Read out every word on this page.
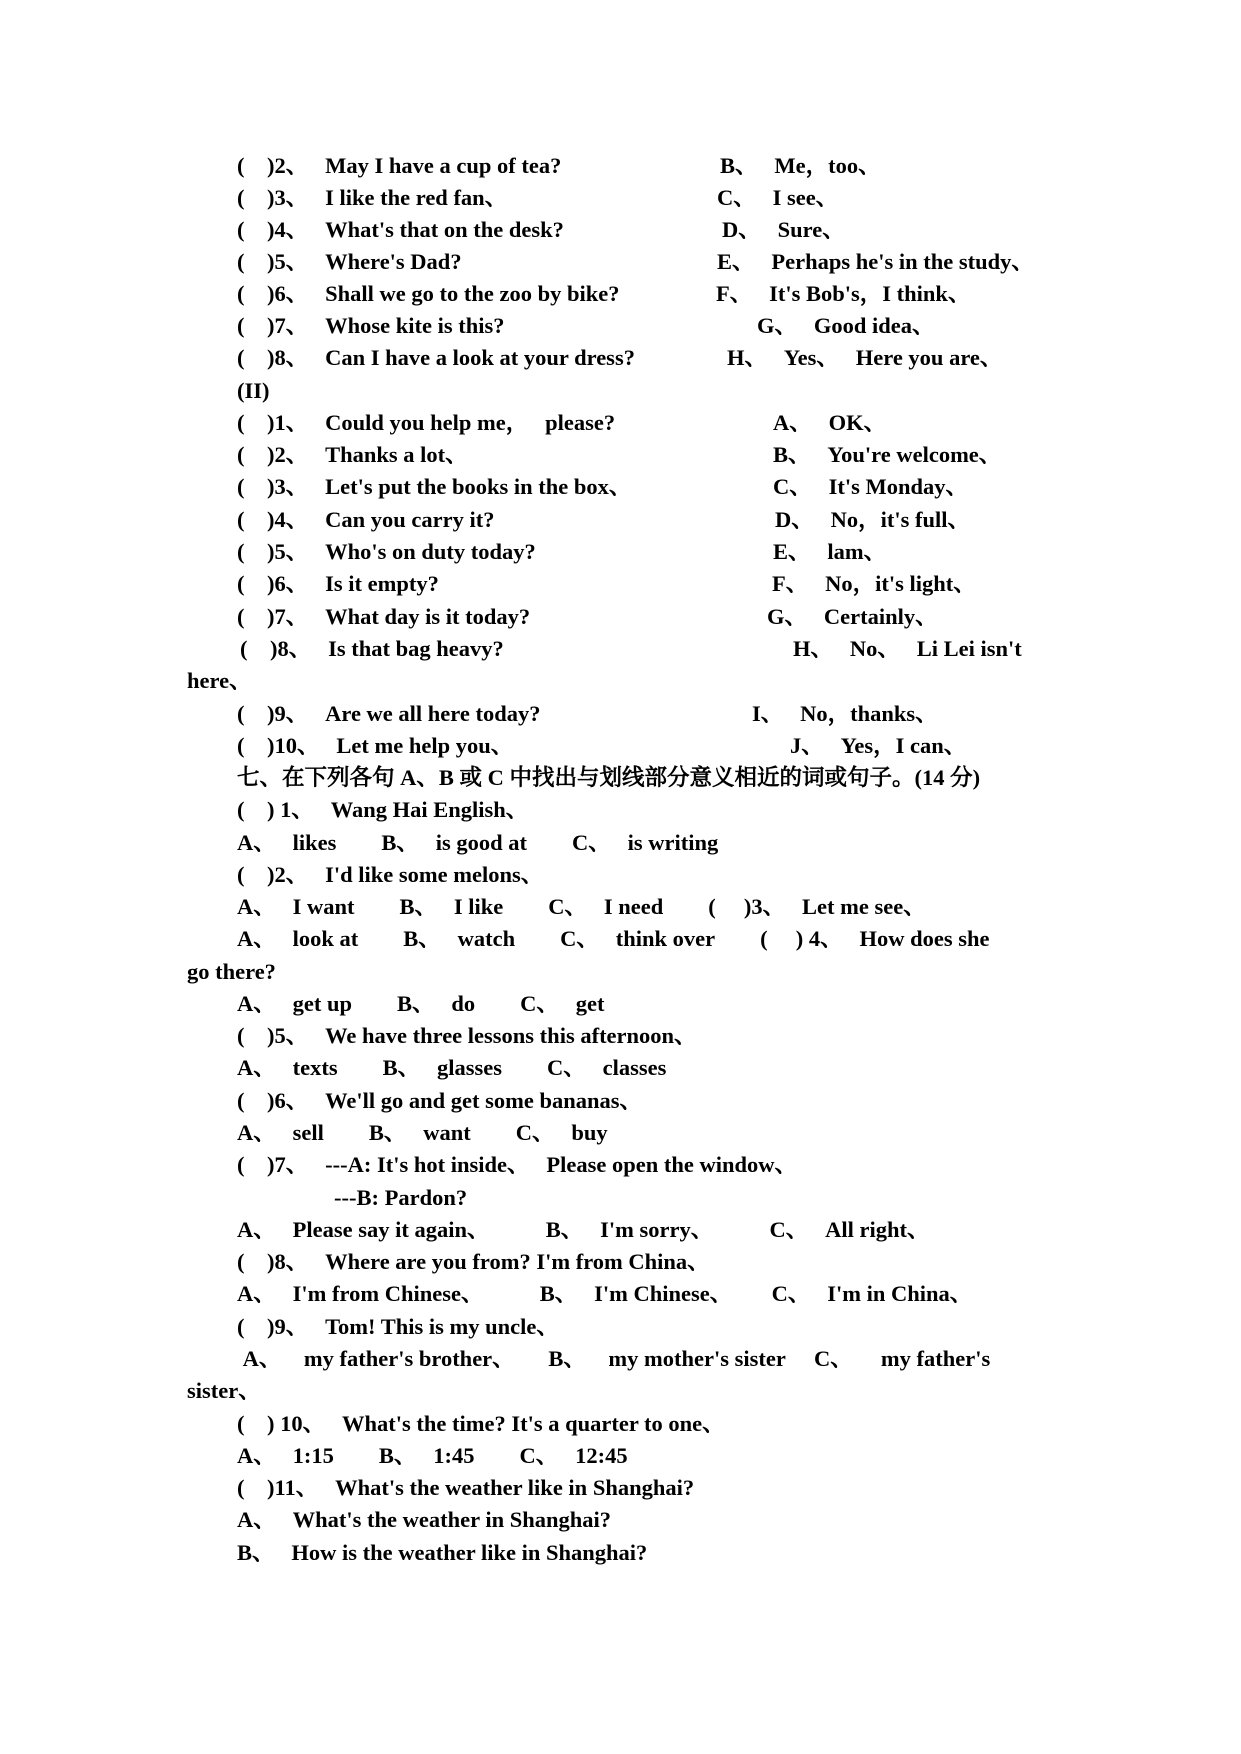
(    )2、   May I have a cup of tea?	B、   Me，too、
(    )3、   I like the red fan、	C、   I see、
(    )4、   What's that on the desk?	D、   Sure、
(    )5、   Where's Dad?	E、   Perhaps he's in the study、
(    )6、   Shall we go to the zoo by bike?	F、   It's Bob's，I think、
(    )7、   Whose kite is this?	G、   Good idea、
(    )8、   Can I have a look at your dress?	H、   Yes、   Here you are、
(II)
(    )1、   Could you help me，   please?	A、   OK、
(    )2、   Thanks a lot、	B、   You're welcome、
(    )3、   Let's put the books in the box、	C、   It's Monday、
(    )4、   Can you carry it?	D、   No，it's full、
(    )5、   Who's on duty today?	E、   lam、
(    )6、   Is it empty?	F、   No，it's light、
(    )7、   What day is it today?	G、   Certainly、
(    )8、   Is that bag heavy?	H、   No、   Li Lei isn't
here、
(    )9、   Are we all here today?	I、   No，thanks、
(    )10、   Let me help you、	J、   Yes，I can、
七、在下列各句 A、B 或 C 中找出与划线部分意义相近的词或句子。(14 分)
(    ) 1、   Wang Hai English、
A、   likes        B、   is good at        C、   is writing
(    )2、   I'd like some melons、
A、   I want        B、   I like        C、   I need        (     )3、   Let me see、
A、   look at        B、   watch        C、   think over        (     ) 4、   How does she
go there?
A、   get up        B、   do        C、   get
(    )5、   We have three lessons this afternoon、
A、   texts        B、   glasses        C、   classes
(    )6、   We'll go and get some bananas、
A、   sell        B、   want        C、   buy
(    )7、   ---A: It's hot inside、   Please open the window、
---B: Pardon?
A、   Please say it again、          B、   I'm sorry、          C、   All right、
(    )8、   Where are you from? I'm from China、
A、   I'm from Chinese、          B、   I'm Chinese、       C、   I'm in China、
(    )9、   Tom! This is my uncle、
A、    my father's brother、      B、    my mother's sister     C、     my father's
sister、
(    ) 10、   What's the time? It's a quarter to one、
A、   1:15        B、   1:45        C、   12:45
(    )11、   What's the weather like in Shanghai?
A、   What's the weather in Shanghai?
B、   How is the weather like in Shanghai?
